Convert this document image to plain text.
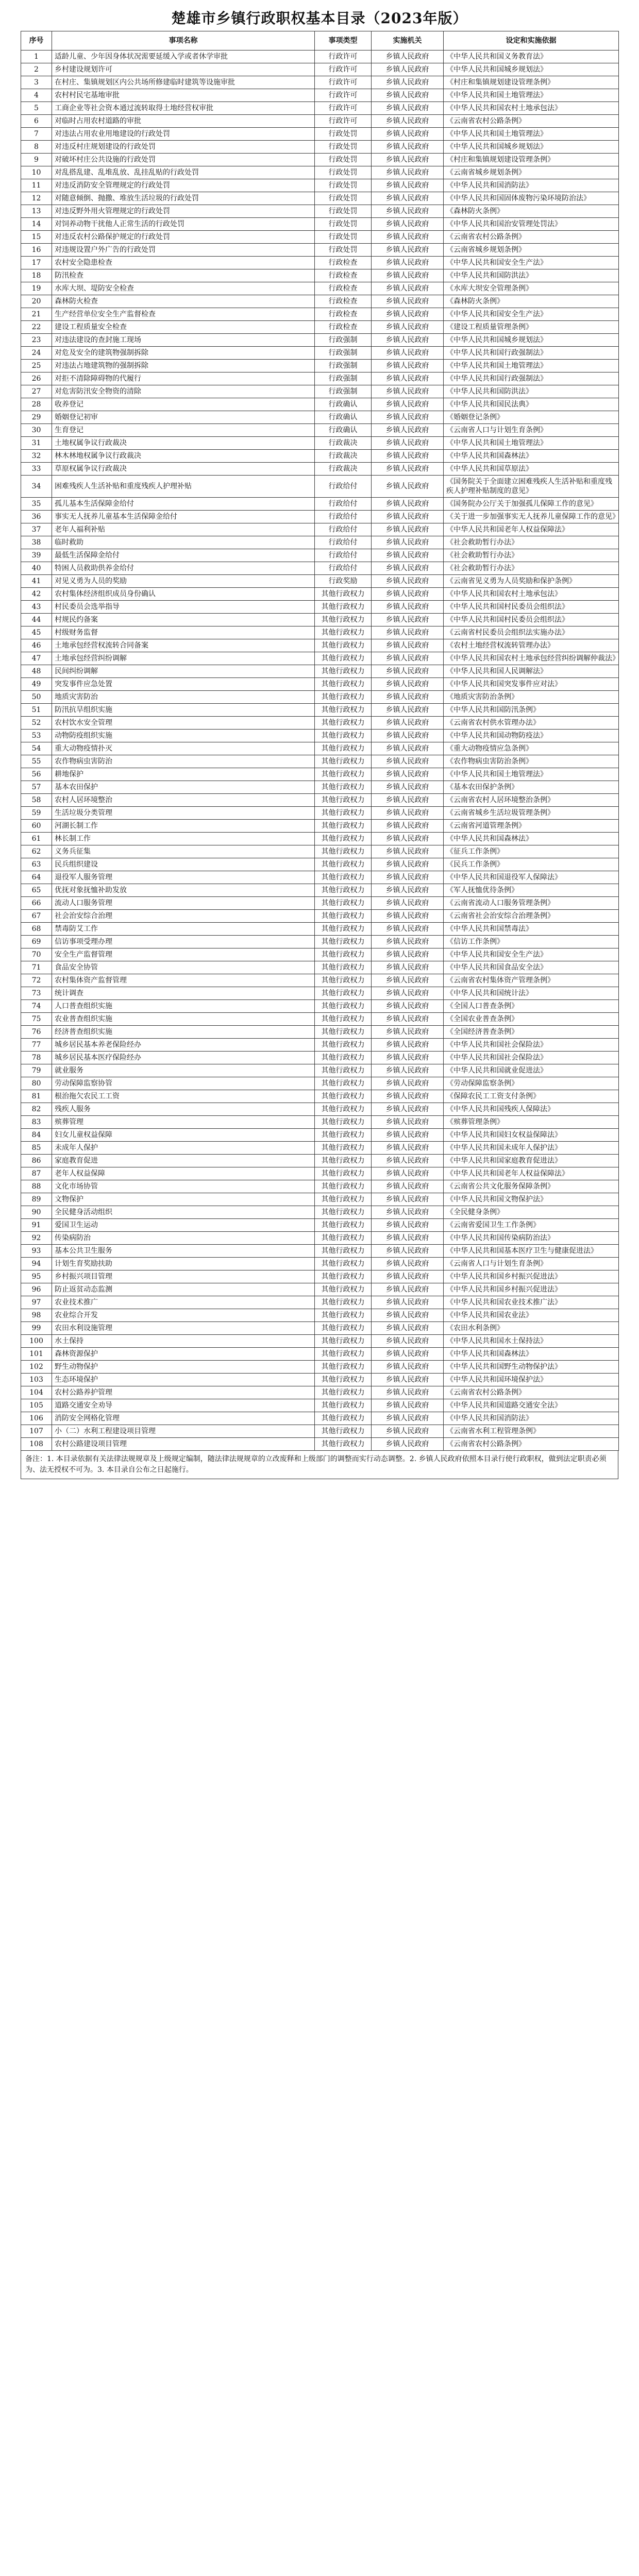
楚雄市乡镇行政职权基本目录（2023年版）
序号	事项名称	事项类型	实施机关	设定和实施依据
1	适龄儿童、少年因身体状况需要延缓入学或者休学审批	行政许可	乡镇人民政府	《中华人民共和国义务教育法》
2	乡村建设规划许可	行政许可	乡镇人民政府	《中华人民共和国城乡规划法》
3	在村庄、集镇规划区内公共场所修建临时建筑等设施审批	行政许可	乡镇人民政府	《村庄和集镇规划建设管理条例》
4	农村村民宅基地审批	行政许可	乡镇人民政府	《中华人民共和国土地管理法》
5	工商企业等社会资本通过流转取得土地经营权审批	行政许可	乡镇人民政府	《中华人民共和国农村土地承包法》
6	对临时占用农村道路的审批	行政许可	乡镇人民政府	《云南省农村公路条例》
7	对违法占用农业用地建设的行政处罚	行政处罚	乡镇人民政府	《中华人民共和国土地管理法》
8	对违反村庄规划建设的行政处罚	行政处罚	乡镇人民政府	《中华人民共和国城乡规划法》
9	对破坏村庄公共设施的行政处罚	行政处罚	乡镇人民政府	《村庄和集镇规划建设管理条例》
10	对乱搭乱建、乱堆乱放、乱挂乱贴的行政处罚	行政处罚	乡镇人民政府	《云南省城乡规划条例》
11	对违反消防安全管理规定的行政处罚	行政处罚	乡镇人民政府	《中华人民共和国消防法》
12	对随意倾倒、抛撒、堆放生活垃圾的行政处罚	行政处罚	乡镇人民政府	《中华人民共和国固体废物污染环境防治法》
13	对违反野外用火管理规定的行政处罚	行政处罚	乡镇人民政府	《森林防火条例》
14	对饲养动物干扰他人正常生活的行政处罚	行政处罚	乡镇人民政府	《中华人民共和国治安管理处罚法》
15	对违反农村公路保护规定的行政处罚	行政处罚	乡镇人民政府	《云南省农村公路条例》
16	对违规设置户外广告的行政处罚	行政处罚	乡镇人民政府	《云南省城乡规划条例》
17	农村安全隐患检查	行政检查	乡镇人民政府	《中华人民共和国安全生产法》
18	防汛检查	行政检查	乡镇人民政府	《中华人民共和国防洪法》
19	水库大坝、堤防安全检查	行政检查	乡镇人民政府	《水库大坝安全管理条例》
20	森林防火检查	行政检查	乡镇人民政府	《森林防火条例》
21	生产经营单位安全生产监督检查	行政检查	乡镇人民政府	《中华人民共和国安全生产法》
22	建设工程质量安全检查	行政检查	乡镇人民政府	《建设工程质量管理条例》
23	对违法建设的查封施工现场	行政强制	乡镇人民政府	《中华人民共和国城乡规划法》
24	对危及安全的建筑物强制拆除	行政强制	乡镇人民政府	《中华人民共和国行政强制法》
25	对违法占地建筑物的强制拆除	行政强制	乡镇人民政府	《中华人民共和国土地管理法》
26	对拒不清除障碍物的代履行	行政强制	乡镇人民政府	《中华人民共和国行政强制法》
27	对危害防汛安全物资的清除	行政强制	乡镇人民政府	《中华人民共和国防洪法》
28	收养登记	行政确认	乡镇人民政府	《中华人民共和国民法典》
29	婚姻登记初审	行政确认	乡镇人民政府	《婚姻登记条例》
30	生育登记	行政确认	乡镇人民政府	《云南省人口与计划生育条例》
31	土地权属争议行政裁决	行政裁决	乡镇人民政府	《中华人民共和国土地管理法》
32	林木林地权属争议行政裁决	行政裁决	乡镇人民政府	《中华人民共和国森林法》
33	草原权属争议行政裁决	行政裁决	乡镇人民政府	《中华人民共和国草原法》
34	困难残疾人生活补贴和重度残疾人护理补贴	行政给付	乡镇人民政府	《国务院关于全面建立困难残疾人生活补贴和重度残疾人护理补贴制度的意见》
35	孤儿基本生活保障金给付	行政给付	乡镇人民政府	《国务院办公厅关于加强孤儿保障工作的意见》
36	事实无人抚养儿童基本生活保障金给付	行政给付	乡镇人民政府	《关于进一步加强事实无人抚养儿童保障工作的意见》
37	老年人福利补贴	行政给付	乡镇人民政府	《中华人民共和国老年人权益保障法》
38	临时救助	行政给付	乡镇人民政府	《社会救助暂行办法》
39	最低生活保障金给付	行政给付	乡镇人民政府	《社会救助暂行办法》
40	特困人员救助供养金给付	行政给付	乡镇人民政府	《社会救助暂行办法》
41	对见义勇为人员的奖励	行政奖励	乡镇人民政府	《云南省见义勇为人员奖励和保护条例》
42	农村集体经济组织成员身份确认	其他行政权力	乡镇人民政府	《中华人民共和国农村土地承包法》
43	村民委员会选举指导	其他行政权力	乡镇人民政府	《中华人民共和国村民委员会组织法》
44	村规民约备案	其他行政权力	乡镇人民政府	《中华人民共和国村民委员会组织法》
45	村级财务监督	其他行政权力	乡镇人民政府	《云南省村民委员会组织法实施办法》
46	土地承包经营权流转合同备案	其他行政权力	乡镇人民政府	《农村土地经营权流转管理办法》
47	土地承包经营纠纷调解	其他行政权力	乡镇人民政府	《中华人民共和国农村土地承包经营纠纷调解仲裁法》
48	民间纠纷调解	其他行政权力	乡镇人民政府	《中华人民共和国人民调解法》
49	突发事件应急处置	其他行政权力	乡镇人民政府	《中华人民共和国突发事件应对法》
50	地质灾害防治	其他行政权力	乡镇人民政府	《地质灾害防治条例》
51	防汛抗旱组织实施	其他行政权力	乡镇人民政府	《中华人民共和国防汛条例》
52	农村饮水安全管理	其他行政权力	乡镇人民政府	《云南省农村供水管理办法》
53	动物防疫组织实施	其他行政权力	乡镇人民政府	《中华人民共和国动物防疫法》
54	重大动物疫情扑灭	其他行政权力	乡镇人民政府	《重大动物疫情应急条例》
55	农作物病虫害防治	其他行政权力	乡镇人民政府	《农作物病虫害防治条例》
56	耕地保护	其他行政权力	乡镇人民政府	《中华人民共和国土地管理法》
57	基本农田保护	其他行政权力	乡镇人民政府	《基本农田保护条例》
58	农村人居环境整治	其他行政权力	乡镇人民政府	《云南省农村人居环境整治条例》
59	生活垃圾分类管理	其他行政权力	乡镇人民政府	《云南省城乡生活垃圾管理条例》
60	河湖长制工作	其他行政权力	乡镇人民政府	《云南省河道管理条例》
61	林长制工作	其他行政权力	乡镇人民政府	《中华人民共和国森林法》
62	义务兵征集	其他行政权力	乡镇人民政府	《征兵工作条例》
63	民兵组织建设	其他行政权力	乡镇人民政府	《民兵工作条例》
64	退役军人服务管理	其他行政权力	乡镇人民政府	《中华人民共和国退役军人保障法》
65	优抚对象抚恤补助发放	其他行政权力	乡镇人民政府	《军人抚恤优待条例》
66	流动人口服务管理	其他行政权力	乡镇人民政府	《云南省流动人口服务管理条例》
67	社会治安综合治理	其他行政权力	乡镇人民政府	《云南省社会治安综合治理条例》
68	禁毒防艾工作	其他行政权力	乡镇人民政府	《中华人民共和国禁毒法》
69	信访事项受理办理	其他行政权力	乡镇人民政府	《信访工作条例》
70	安全生产监督管理	其他行政权力	乡镇人民政府	《中华人民共和国安全生产法》
71	食品安全协管	其他行政权力	乡镇人民政府	《中华人民共和国食品安全法》
72	农村集体资产监督管理	其他行政权力	乡镇人民政府	《云南省农村集体资产管理条例》
73	统计调查	其他行政权力	乡镇人民政府	《中华人民共和国统计法》
74	人口普查组织实施	其他行政权力	乡镇人民政府	《全国人口普查条例》
75	农业普查组织实施	其他行政权力	乡镇人民政府	《全国农业普查条例》
76	经济普查组织实施	其他行政权力	乡镇人民政府	《全国经济普查条例》
77	城乡居民基本养老保险经办	其他行政权力	乡镇人民政府	《中华人民共和国社会保险法》
78	城乡居民基本医疗保险经办	其他行政权力	乡镇人民政府	《中华人民共和国社会保险法》
79	就业服务	其他行政权力	乡镇人民政府	《中华人民共和国就业促进法》
80	劳动保障监察协管	其他行政权力	乡镇人民政府	《劳动保障监察条例》
81	根治拖欠农民工工资	其他行政权力	乡镇人民政府	《保障农民工工资支付条例》
82	残疾人服务	其他行政权力	乡镇人民政府	《中华人民共和国残疾人保障法》
83	殡葬管理	其他行政权力	乡镇人民政府	《殡葬管理条例》
84	妇女儿童权益保障	其他行政权力	乡镇人民政府	《中华人民共和国妇女权益保障法》
85	未成年人保护	其他行政权力	乡镇人民政府	《中华人民共和国未成年人保护法》
86	家庭教育促进	其他行政权力	乡镇人民政府	《中华人民共和国家庭教育促进法》
87	老年人权益保障	其他行政权力	乡镇人民政府	《中华人民共和国老年人权益保障法》
88	文化市场协管	其他行政权力	乡镇人民政府	《云南省公共文化服务保障条例》
89	文物保护	其他行政权力	乡镇人民政府	《中华人民共和国文物保护法》
90	全民健身活动组织	其他行政权力	乡镇人民政府	《全民健身条例》
91	爱国卫生运动	其他行政权力	乡镇人民政府	《云南省爱国卫生工作条例》
92	传染病防治	其他行政权力	乡镇人民政府	《中华人民共和国传染病防治法》
93	基本公共卫生服务	其他行政权力	乡镇人民政府	《中华人民共和国基本医疗卫生与健康促进法》
94	计划生育奖励扶助	其他行政权力	乡镇人民政府	《云南省人口与计划生育条例》
95	乡村振兴项目管理	其他行政权力	乡镇人民政府	《中华人民共和国乡村振兴促进法》
96	防止返贫动态监测	其他行政权力	乡镇人民政府	《中华人民共和国乡村振兴促进法》
97	农业技术推广	其他行政权力	乡镇人民政府	《中华人民共和国农业技术推广法》
98	农业综合开发	其他行政权力	乡镇人民政府	《中华人民共和国农业法》
99	农田水利设施管理	其他行政权力	乡镇人民政府	《农田水利条例》
100	水土保持	其他行政权力	乡镇人民政府	《中华人民共和国水土保持法》
101	森林资源保护	其他行政权力	乡镇人民政府	《中华人民共和国森林法》
102	野生动物保护	其他行政权力	乡镇人民政府	《中华人民共和国野生动物保护法》
103	生态环境保护	其他行政权力	乡镇人民政府	《中华人民共和国环境保护法》
104	农村公路养护管理	其他行政权力	乡镇人民政府	《云南省农村公路条例》
105	道路交通安全劝导	其他行政权力	乡镇人民政府	《中华人民共和国道路交通安全法》
106	消防安全网格化管理	其他行政权力	乡镇人民政府	《中华人民共和国消防法》
107	小（二）水利工程建设项目管理	其他行政权力	乡镇人民政府	《云南省水利工程管理条例》
108	农村公路建设项目管理	其他行政权力	乡镇人民政府	《云南省农村公路条例》
备注：1. 本目录依据有关法律法规规章及上级规定编制，随法律法规规章的立改废释和上级部门的调整而实行动态调整。2. 乡镇人民政府依照本目录行使行政职权，做到法定职责必须为、法无授权不可为。3. 本目录自公布之日起施行。
